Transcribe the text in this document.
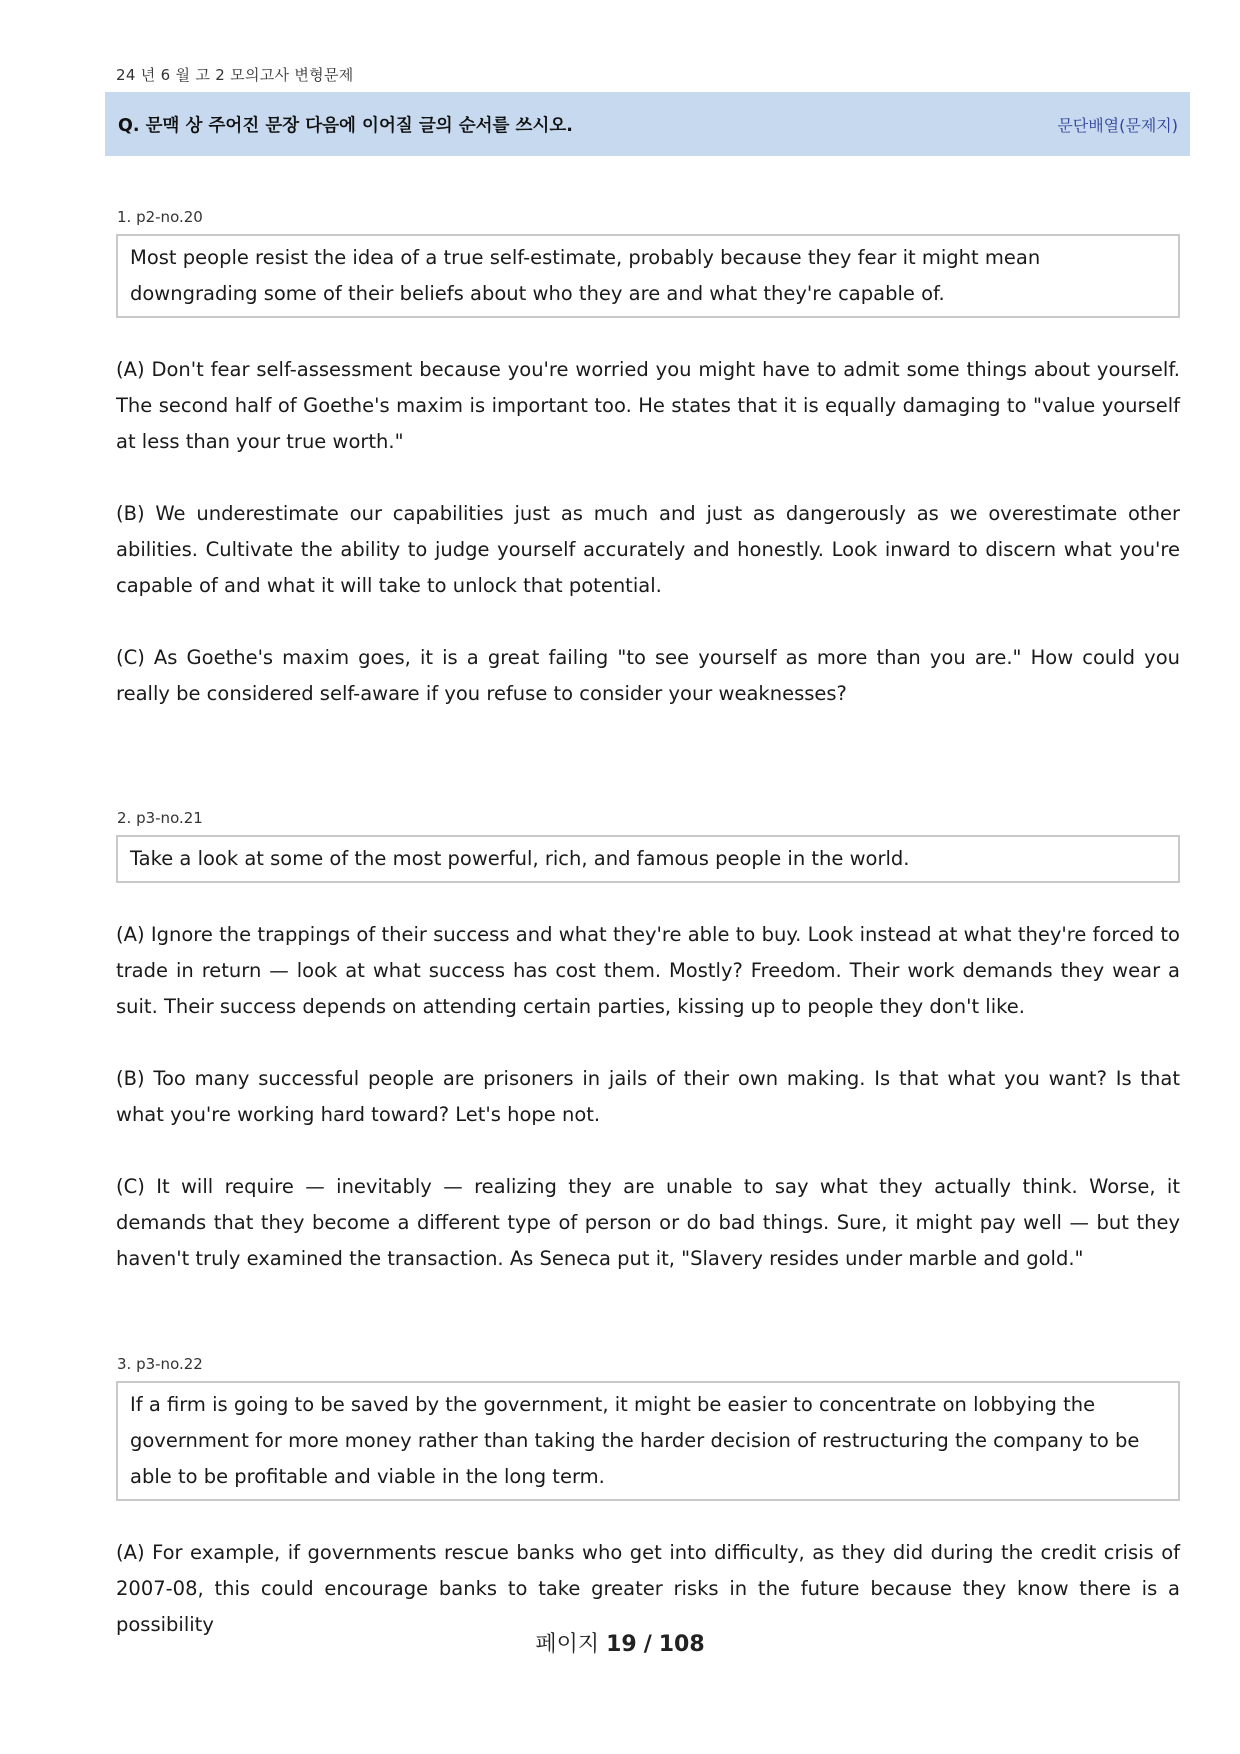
24 년 6 월 고 2 모의고사 변형문제
Q. 문맥 상 주어진 문장 다음에 이어질 글의 순서를 쓰시오.	문단배열(문제지)
1. p2-no.20
Most people resist the idea of a true self-estimate, probably because they fear it might mean downgrading some of their beliefs about who they are and what they're capable of.

(A) Don't fear self-assessment because you're worried you might have to admit some things about yourself. The second half of Goethe's maxim is important too. He states that it is equally damaging to "value yourself at less than your true worth."

(B) We underestimate our capabilities just as much and just as dangerously as we overestimate other abilities. Cultivate the ability to judge yourself accurately and honestly. Look inward to discern what you're capable of and what it will take to unlock that potential.

(C) As Goethe's maxim goes, it is a great failing "to see yourself as more than you are." How could you really be considered self-aware if you refuse to consider your weaknesses?

2. p3-no.21
Take a look at some of the most powerful, rich, and famous people in the world.

(A) Ignore the trappings of their success and what they're able to buy. Look instead at what they're forced to trade in return — look at what success has cost them. Mostly? Freedom. Their work demands they wear a suit. Their success depends on attending certain parties, kissing up to people they don't like.

(B) Too many successful people are prisoners in jails of their own making. Is that what you want? Is that what you're working hard toward? Let's hope not.

(C) It will require — inevitably — realizing they are unable to say what they actually think. Worse, it demands that they become a different type of person or do bad things. Sure, it might pay well — but they haven't truly examined the transaction. As Seneca put it, "Slavery resides under marble and gold."

3. p3-no.22
If a firm is going to be saved by the government, it might be easier to concentrate on lobbying the government for more money rather than taking the harder decision of restructuring the company to be able to be profitable and viable in the long term.

(A) For example, if governments rescue banks who get into difficulty, as they did during the credit crisis of 2007-08, this could encourage banks to take greater risks in the future because they know there is a possibility

페이지 19 / 108
